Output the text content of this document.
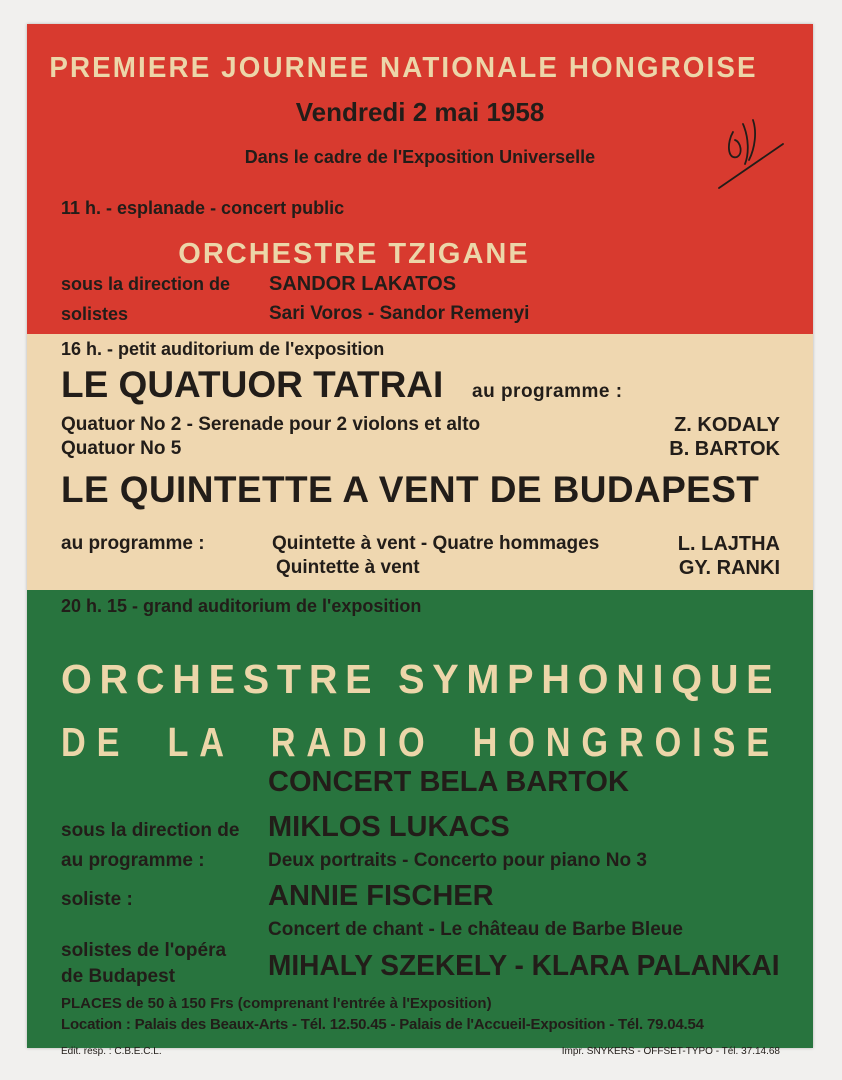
PREMIERE JOURNEE NATIONALE HONGROISE
Vendredi 2 mai 1958
Dans le cadre de l'Exposition Universelle
11 h. - esplanade - concert public
ORCHESTRE TZIGANE
sous la direction de SANDOR LAKATOS
solistes	Sari Voros - Sandor Remenyi
16 h. - petit auditorium de l'exposition
LE QUATUOR TATRAI au programme :
Quatuor No 2 - Serenade pour 2 violons et alto	Z. KODALY
Quatuor No 5	B. BARTOK
LE QUINTETTE A VENT DE BUDAPEST
au programme :	Quintette à vent - Quatre hommages	L. LAJTHA
Quintette à vent	GY. RANKI
20 h. 15 - grand auditorium de l'exposition
ORCHESTRE SYMPHONIQUE
DE LA RADIO HONGROISE
CONCERT BELA BARTOK
sous la direction de MIKLOS LUKACS
au programme :	Deux portraits - Concerto pour piano No 3
soliste :	ANNIE FISCHER
Concert de chant - Le château de Barbe Bleue
solistes de l'opéra
de Budapest	MIHALY SZEKELY - KLARA PALANKAI
PLACES de 50 à 150 Frs (comprenant l'entrée à l'Exposition)
Location : Palais des Beaux-Arts - Tél. 12.50.45 - Palais de l'Accueil-Exposition - Tél. 79.04.54
Edit. resp. : C.B.E.C.L.	Impr. SNYKERS - OFFSET-TYPO - Tél. 37.14.68
